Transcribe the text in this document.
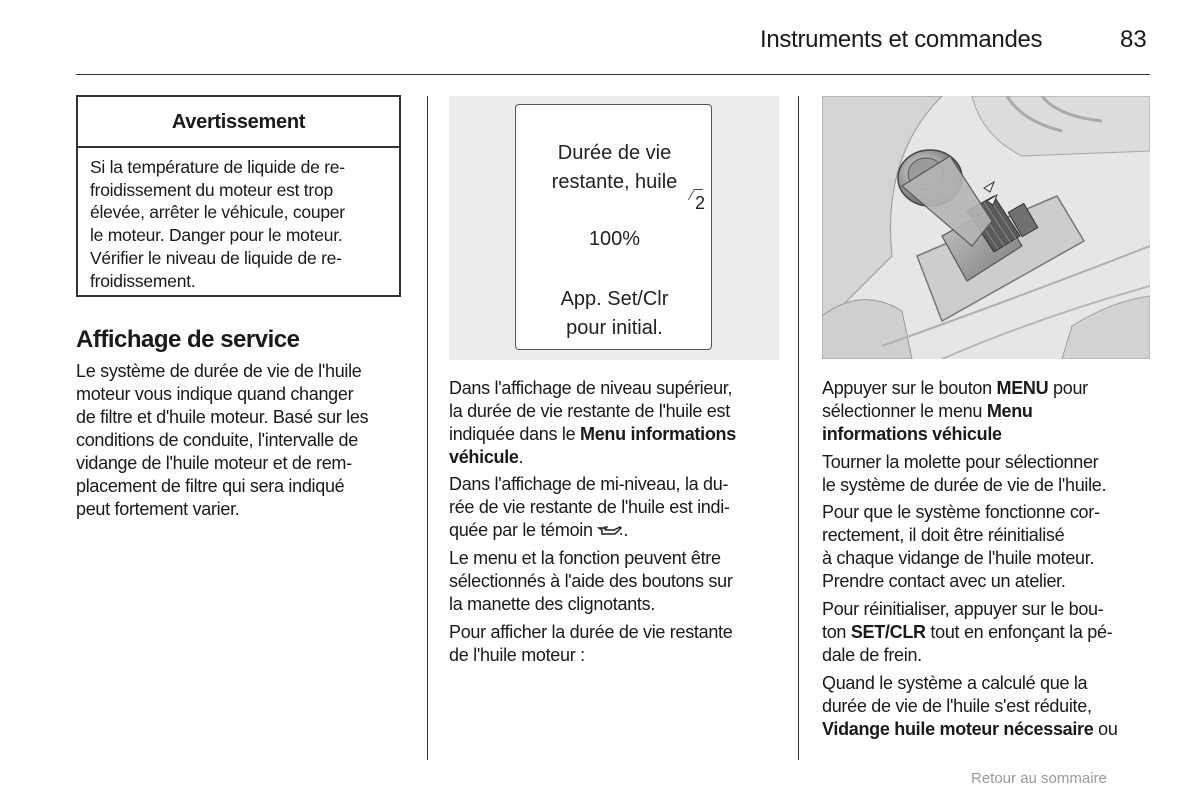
Instruments et commandes	83
Avertissement
Si la température de liquide de re-
froidissement du moteur est trop
élevée, arrêter le véhicule, couper
le moteur. Danger pour le moteur.
Vérifier le niveau de liquide de re-
froidissement.
Affichage de service
Le système de durée de vie de l'huile
moteur vous indique quand changer
de filtre et d'huile moteur. Basé sur les
conditions de conduite, l'intervalle de
vidange de l'huile moteur et de rem-
placement de filtre qui sera indiqué
peut fortement varier.
Durée de vie
restante, huile
2
100%
App. Set/Clr
pour initial.
Dans l'affichage de niveau supérieur,
la durée de vie restante de l'huile est
indiquée dans le Menu informations
véhicule.
Dans l'affichage de mi-niveau, la du-
rée de vie restante de l'huile est indi-
quée par le témoin .
Le menu et la fonction peuvent être
sélectionnés à l'aide des boutons sur
la manette des clignotants.
Pour afficher la durée de vie restante
de l'huile moteur :
Appuyer sur le bouton MENU pour
sélectionner le menu Menu
informations véhicule
Tourner la molette pour sélectionner
le système de durée de vie de l'huile.
Pour que le système fonctionne cor-
rectement, il doit être réinitialisé
à chaque vidange de l'huile moteur.
Prendre contact avec un atelier.
Pour réinitialiser, appuyer sur le bou-
ton SET/CLR tout en enfonçant la pé-
dale de frein.
Quand le système a calculé que la
durée de vie de l'huile s'est réduite,
Vidange huile moteur nécessaire ou
Retour au sommaire
